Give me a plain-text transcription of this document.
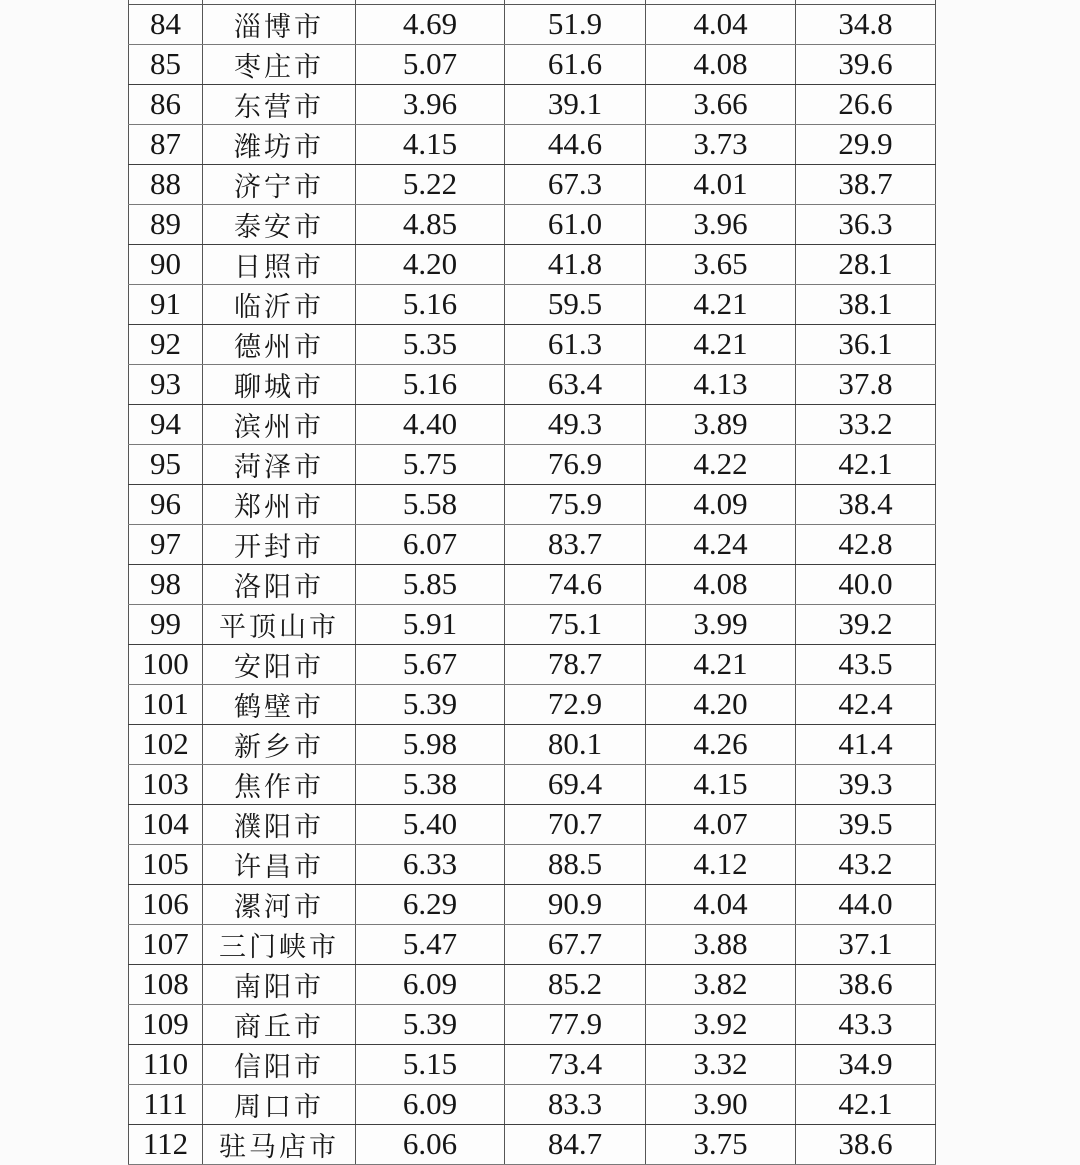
84	淄博市	4.69	51.9	4.04	34.8
85	枣庄市	5.07	61.6	4.08	39.6
86	东营市	3.96	39.1	3.66	26.6
87	潍坊市	4.15	44.6	3.73	29.9
88	济宁市	5.22	67.3	4.01	38.7
89	泰安市	4.85	61.0	3.96	36.3
90	日照市	4.20	41.8	3.65	28.1
91	临沂市	5.16	59.5	4.21	38.1
92	德州市	5.35	61.3	4.21	36.1
93	聊城市	5.16	63.4	4.13	37.8
94	滨州市	4.40	49.3	3.89	33.2
95	菏泽市	5.75	76.9	4.22	42.1
96	郑州市	5.58	75.9	4.09	38.4
97	开封市	6.07	83.7	4.24	42.8
98	洛阳市	5.85	74.6	4.08	40.0
99	平顶山市	5.91	75.1	3.99	39.2
100	安阳市	5.67	78.7	4.21	43.5
101	鹤壁市	5.39	72.9	4.20	42.4
102	新乡市	5.98	80.1	4.26	41.4
103	焦作市	5.38	69.4	4.15	39.3
104	濮阳市	5.40	70.7	4.07	39.5
105	许昌市	6.33	88.5	4.12	43.2
106	漯河市	6.29	90.9	4.04	44.0
107	三门峡市	5.47	67.7	3.88	37.1
108	南阳市	6.09	85.2	3.82	38.6
109	商丘市	5.39	77.9	3.92	43.3
110	信阳市	5.15	73.4	3.32	34.9
111	周口市	6.09	83.3	3.90	42.1
112	驻马店市	6.06	84.7	3.75	38.6
